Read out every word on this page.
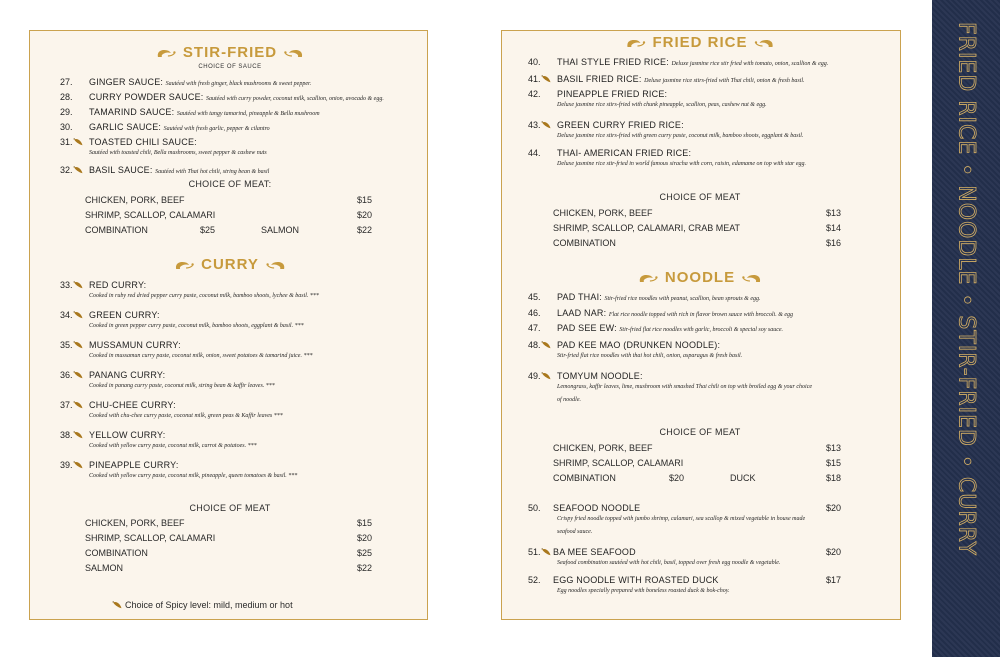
FRIED RICE • NOODLE • STIR-FRIED • CURRY
STIR-FRIED
CHOICE OF SAUCE
27. GINGER SAUCE: Sautéed with fresh ginger, black mushrooms & sweet pepper.
28. CURRY POWDER SAUCE: Sautéed with curry powder, coconut milk, scallion, onion, avocado & egg.
29. TAMARIND SAUCE: Sautéed with tangy tamarind, pineapple & Bella mushroom
30. GARLIC SAUCE: Sautéed with fresh garlic, pepper & cilantro
31. TOASTED CHILI SAUCE:
Sautéed with toasted chili, Bella mushrooms, sweet pepper & cashew nuts
32. BASIL SAUCE: Sautéed with Thai hot chili, string bean & basil
CHOICE OF MEAT:
CHICKEN, PORK, BEEF	$15
SHRIMP, SCALLOP, CALAMARI	$20
COMBINATION	$25	SALMON	$22
CURRY
33. RED CURRY:
Cooked in ruby red dried pepper curry paste, coconut milk, bamboo shoots, lychee & basil. ***
34. GREEN CURRY:
Cooked in green pepper curry paste, coconut milk, bamboo shoots, eggplant & basil. ***
35. MUSSAMUN CURRY:
Cooked in mussamun curry paste, coconut milk, onion, sweet potatoes & tamarind juice. ***
36. PANANG CURRY:
Cooked in panang curry paste, coconut milk, string bean & kaffir leaves. ***
37. CHU-CHEE CURRY:
Cooked with chu-chee curry paste, coconut milk, green peas & Kaffir leaves ***
38. YELLOW CURRY:
Cooked with yellow curry paste, coconut milk, carrot & potatoes. ***
39. PINEAPPLE CURRY:
Cooked with yellow curry paste, coconut milk, pineapple, queen tomatoes & basil. ***
CHOICE OF MEAT
CHICKEN, PORK, BEEF	$15
SHRIMP, SCALLOP, CALAMARI	$20
COMBINATION	$25
SALMON	$22
Choice of Spicy level: mild, medium or hot
FRIED RICE
40. THAI STYLE FRIED RICE: Deluxe jasmine rice stir fried with tomato, onion, scallion & egg.
41. BASIL FRIED RICE: Deluxe jasmine rice stirs-fried with Thai chili, onion & fresh basil.
42. PINEAPPLE FRIED RICE:
Deluxe jasmine rice stirs-fried with chunk pineapple, scallion, peas, cashew nut & egg.
43. GREEN CURRY FRIED RICE:
Deluxe jasmine rice stirs-fried with green curry paste, coconut milk, bamboo shoots, eggplant & basil.
44. THAI- AMERICAN FRIED RICE:
Deluxe jasmine rice stir-fried in world famous siracha with corn, raisin, edamame on top with star egg.
CHOICE OF MEAT
CHICKEN, PORK, BEEF	$13
SHRIMP, SCALLOP, CALAMARI, CRAB MEAT	$14
COMBINATION	$16
NOODLE
45. PAD THAI: Stir-fried rice noodles with peanut, scallion, bean sprouts & egg.
46. LAAD NAR: Flat rice noodle topped with rich in flavor brown sauce with broccoli. & egg
47. PAD SEE EW: Stir-fried flat rice noodles with garlic, broccoli & special soy sauce.
48. PAD KEE MAO (DRUNKEN NOODLE):
Stir-fried flat rice noodles with thai hot chili, onion, asparagus & fresh basil.
49. TOMYUM NOODLE:
Lemongrass, kaffir leaves, lime, mushroom with smashed Thai chili on top with broiled egg & your choice
of noodle.
CHOICE OF MEAT
CHICKEN, PORK, BEEF	$13
SHRIMP, SCALLOP, CALAMARI	$15
COMBINATION	$20	DUCK	$18
50. SEAFOOD NOODLE
Crispy fried noodle topped with jumbo shrimp, calamari, sea scallop & mixed vegetable in house made
seafood sauce.
$20
51. BA MEE SEAFOOD
Seafood combination sautéed with hot chili, basil, topped over fresh egg noodle & vegetable.
$20
52. EGG NOODLE WITH ROASTED DUCK
Egg noodles specially prepared with boneless roasted duck & bok-choy.
$17
